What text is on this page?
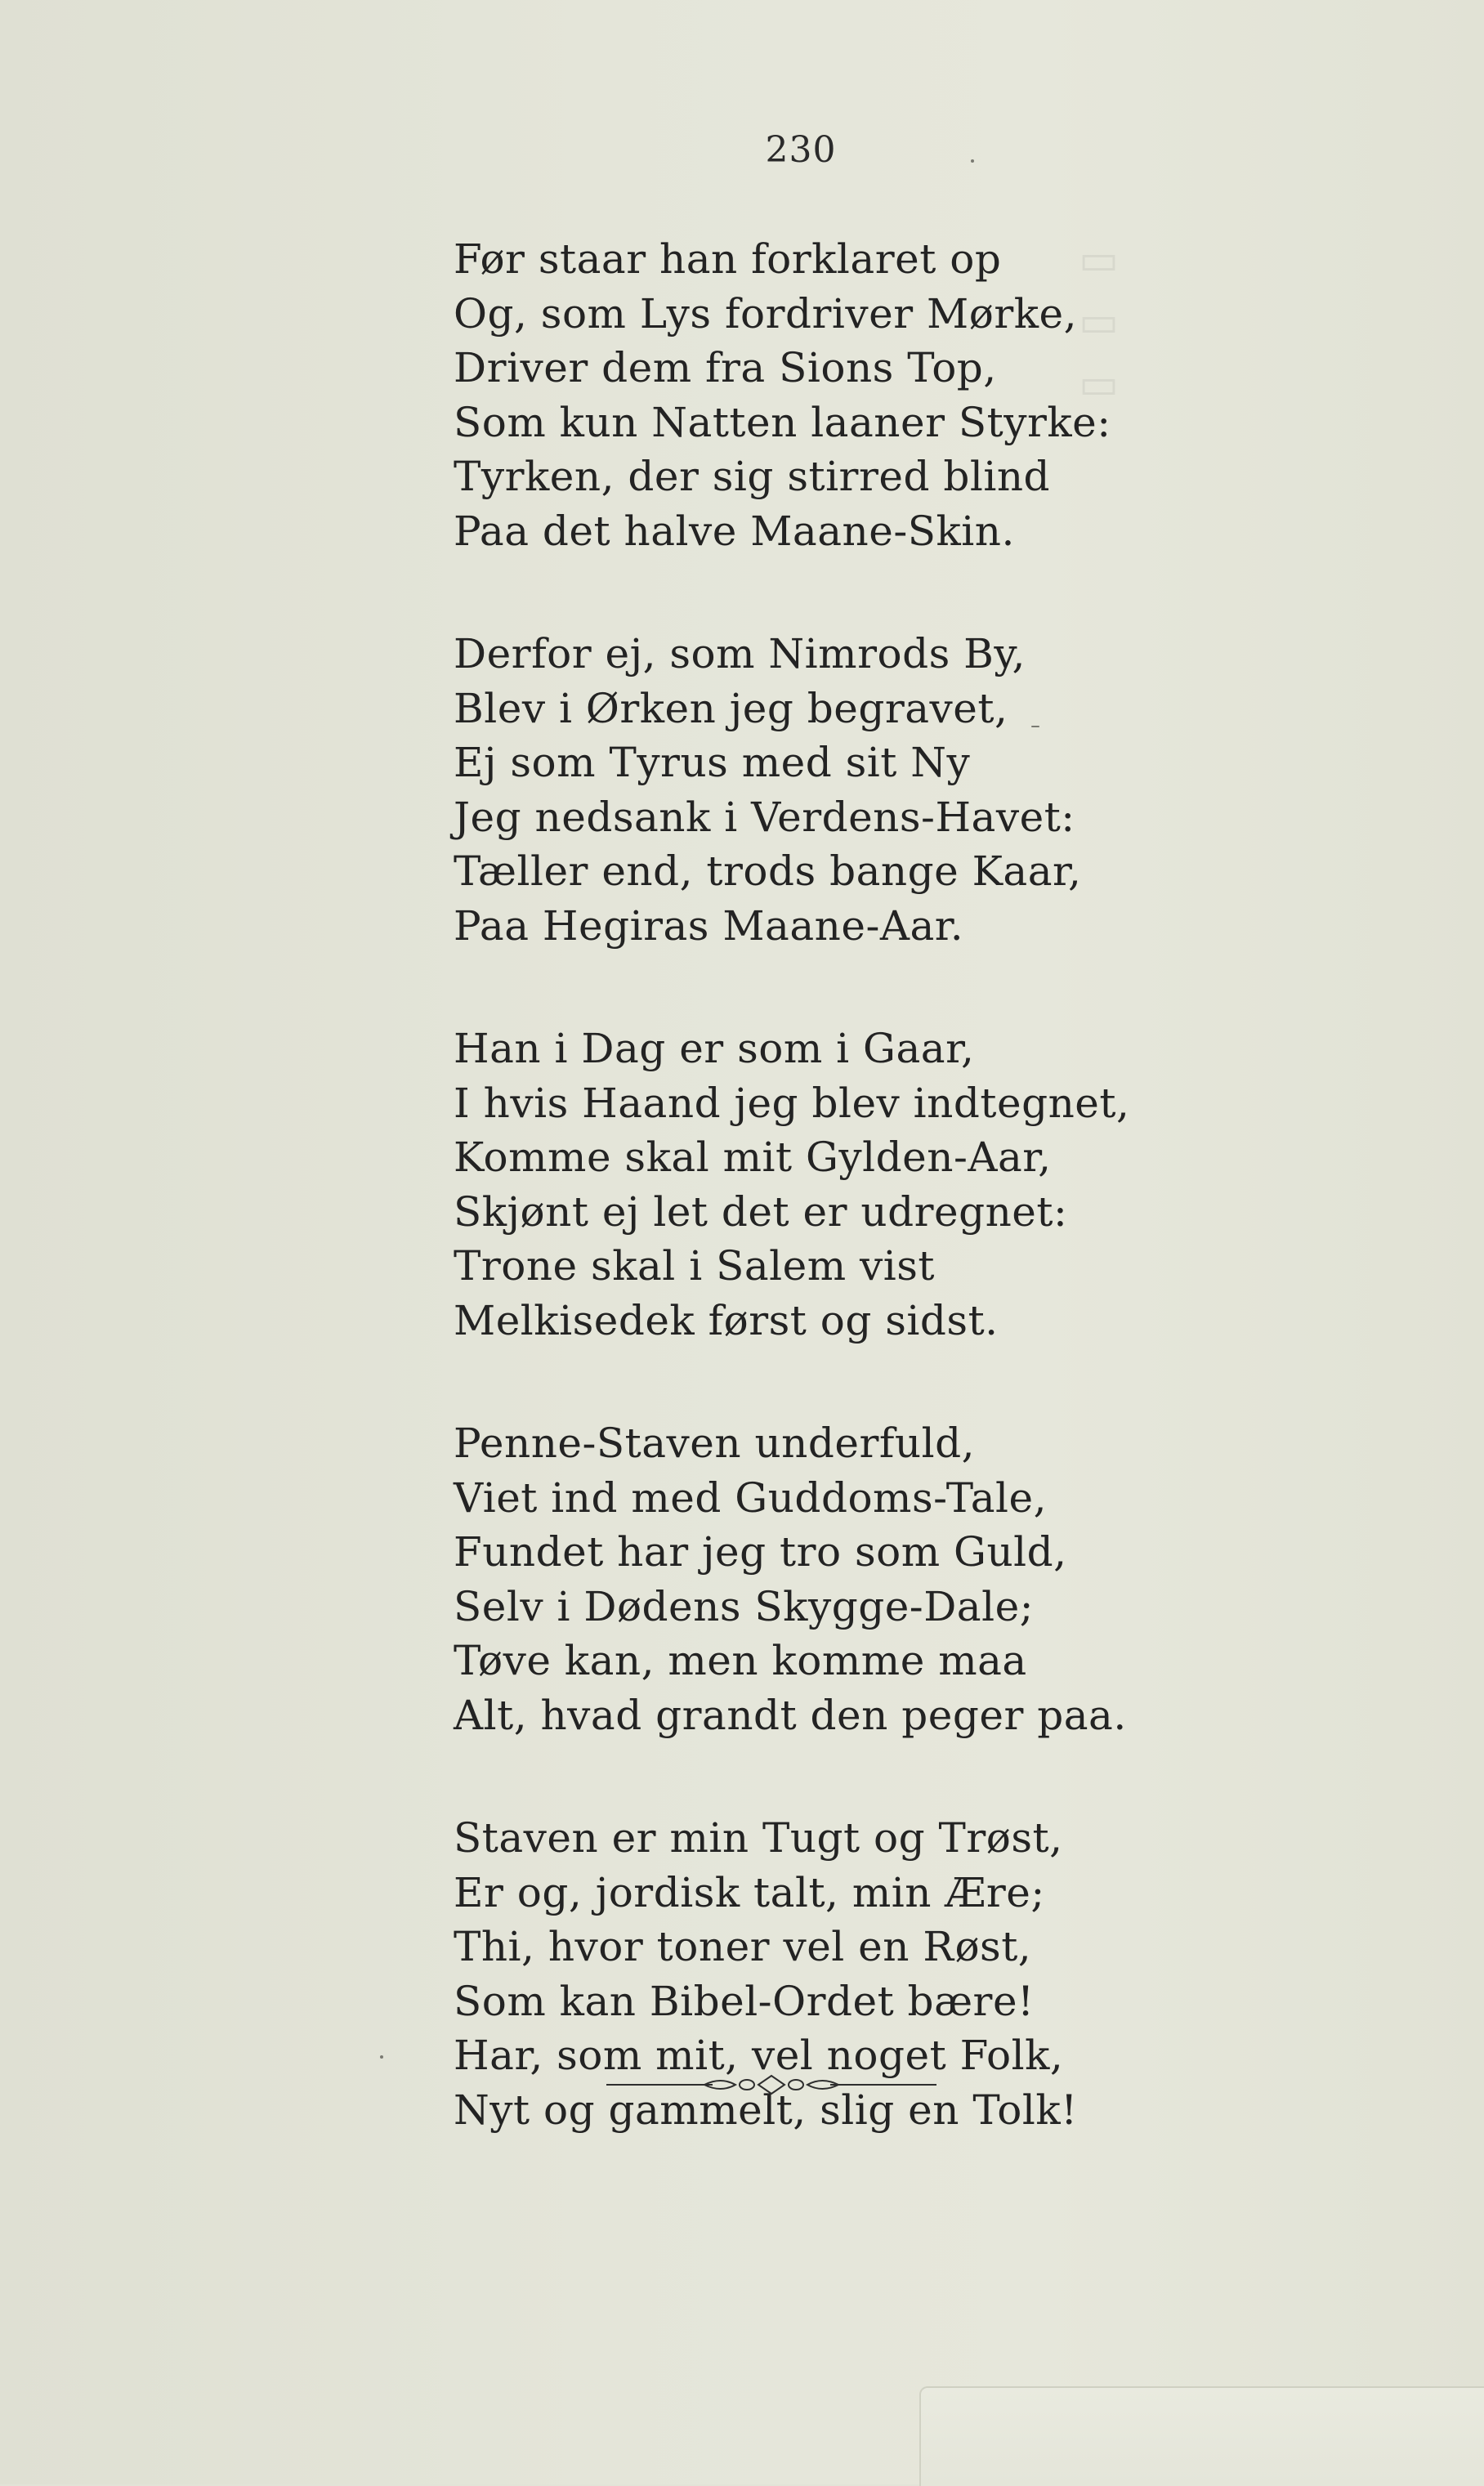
▭
▭
▭
230
Før staar han forklaret op
Og, som Lys fordriver Mørke,
Driver dem fra Sions Top,
Som kun Natten laaner Styrke:
Tyrken, der sig stirred blind
Paa det halve Maane-Skin.
Derfor ej, som Nimrods By,
Blev i Ørken jeg begravet,
Ej som Tyrus med sit Ny
Jeg nedsank i Verdens-Havet:
Tæller end, trods bange Kaar,
Paa Hegiras Maane-Aar.
Han i Dag er som i Gaar,
I hvis Haand jeg blev indtegnet,
Komme skal mit Gylden-Aar,
Skjønt ej let det er udregnet:
Trone skal i Salem vist
Melkisedek først og sidst.
Penne-Staven underfuld,
Viet ind med Guddoms-Tale,
Fundet har jeg tro som Guld,
Selv i Dødens Skygge-Dale;
Tøve kan, men komme maa
Alt, hvad grandt den peger paa.
Staven er min Tugt og Trøst,
Er og, jordisk talt, min Ære;
Thi, hvor toner vel en Røst,
Som kan Bibel-Ordet bære!
Har, som mit, vel noget Folk,
Nyt og gammelt, slig en Tolk!
